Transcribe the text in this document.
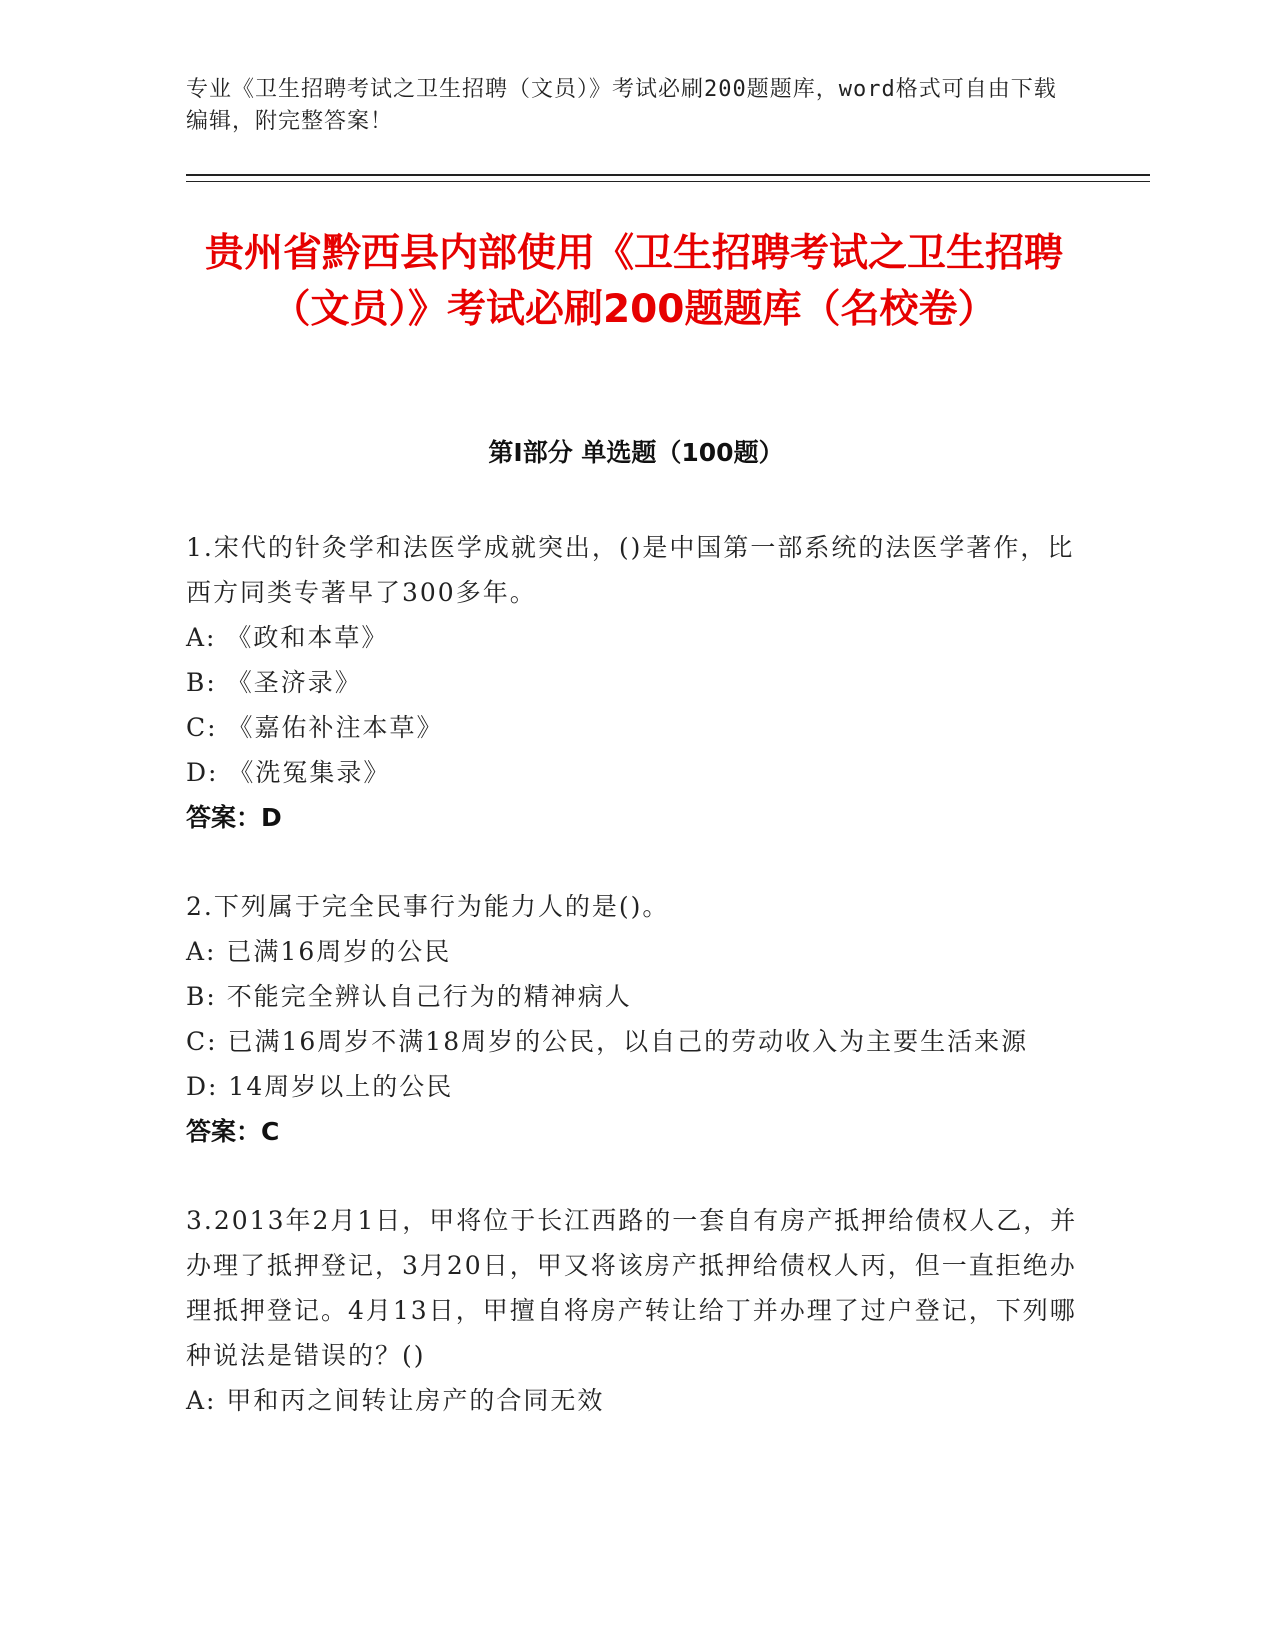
专业《卫生招聘考试之卫生招聘（文员）》考试必刷200题题库，word格式可自由下载编辑，附完整答案！
贵州省黔西县内部使用《卫生招聘考试之卫生招聘（文员）》考试必刷200题题库（名校卷）
第I部分 单选题（100题）

1.宋代的针灸学和法医学成就突出，()是中国第一部系统的法医学著作，比西方同类专著早了300多年。

A: 《政和本草》

B: 《圣济录》

C: 《嘉佑补注本草》

D: 《洗冤集录》

答案：D

2.下列属于完全民事行为能力人的是()。

A: 已满16周岁的公民

B: 不能完全辨认自己行为的精神病人

C: 已满16周岁不满18周岁的公民，以自己的劳动收入为主要生活来源

D: 14周岁以上的公民

答案：C

3.2013年2月1日，甲将位于长江西路的一套自有房产抵押给债权人乙，并办理了抵押登记，3月20日，甲又将该房产抵押给债权人丙，但一直拒绝办理抵押登记。4月13日，甲擅自将房产转让给丁并办理了过户登记，下列哪种说法是错误的？()

A: 甲和丙之间转让房产的合同无效
